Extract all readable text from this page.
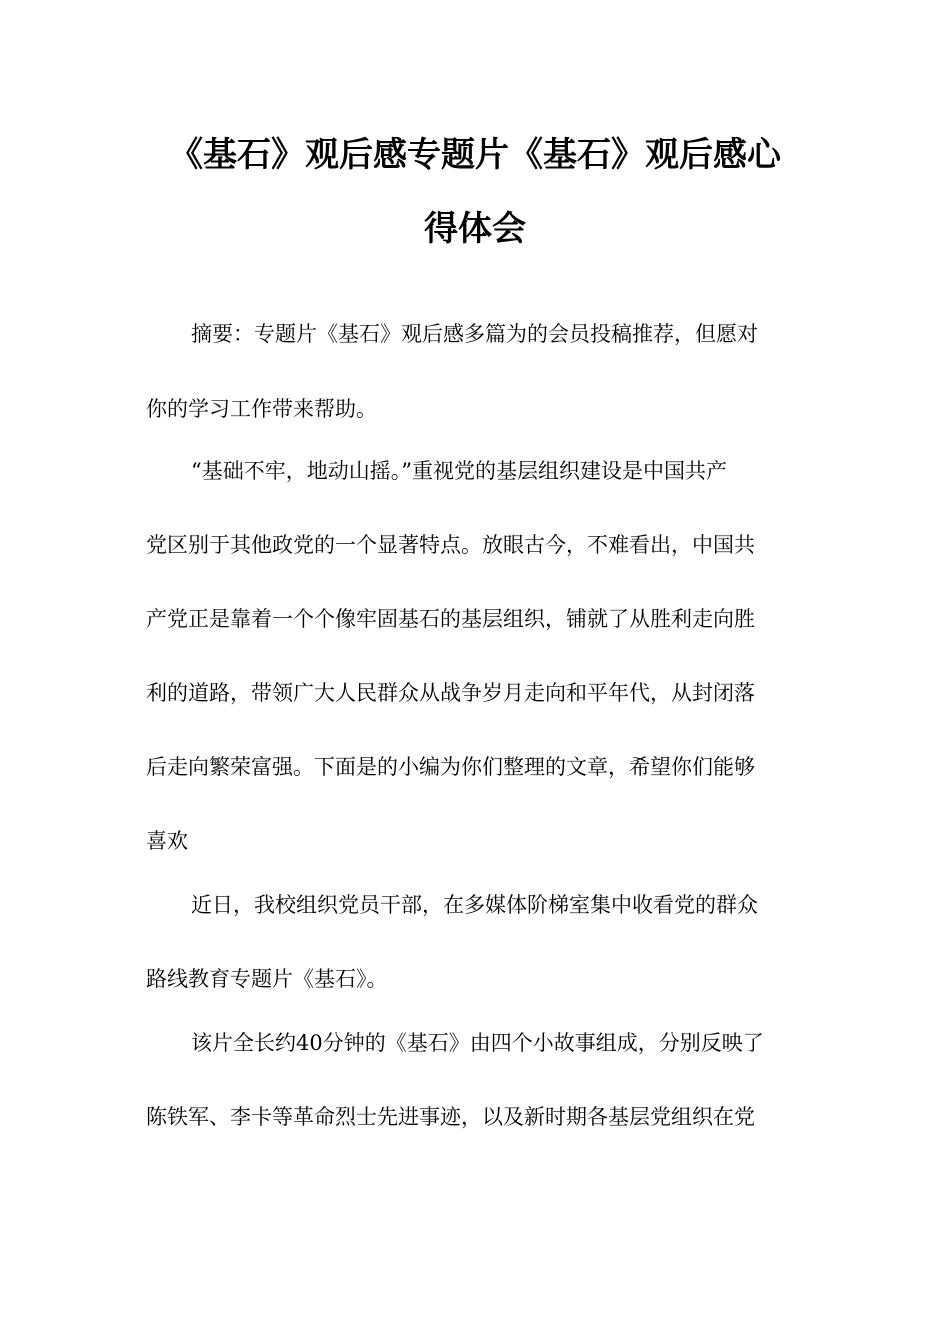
《基石》观后感专题片《基石》观后感心
得体会
摘要：专题片《基石》观后感多篇为的会员投稿推荐，但愿对
你的学习工作带来帮助。
“基础不牢，地动山摇。”重视党的基层组织建设是中国共产
党区别于其他政党的一个显著特点。放眼古今，不难看出，中国共
产党正是靠着一个个像牢固基石的基层组织，铺就了从胜利走向胜
利的道路，带领广大人民群众从战争岁月走向和平年代，从封闭落
后走向繁荣富强。下面是的小编为你们整理的文章，希望你们能够
喜欢
近日，我校组织党员干部，在多媒体阶梯室集中收看党的群众
路线教育专题片《基石》。
该片全长约40分钟的《基石》由四个小故事组成，分别反映了
陈铁军、李卡等革命烈士先进事迹，以及新时期各基层党组织在党
